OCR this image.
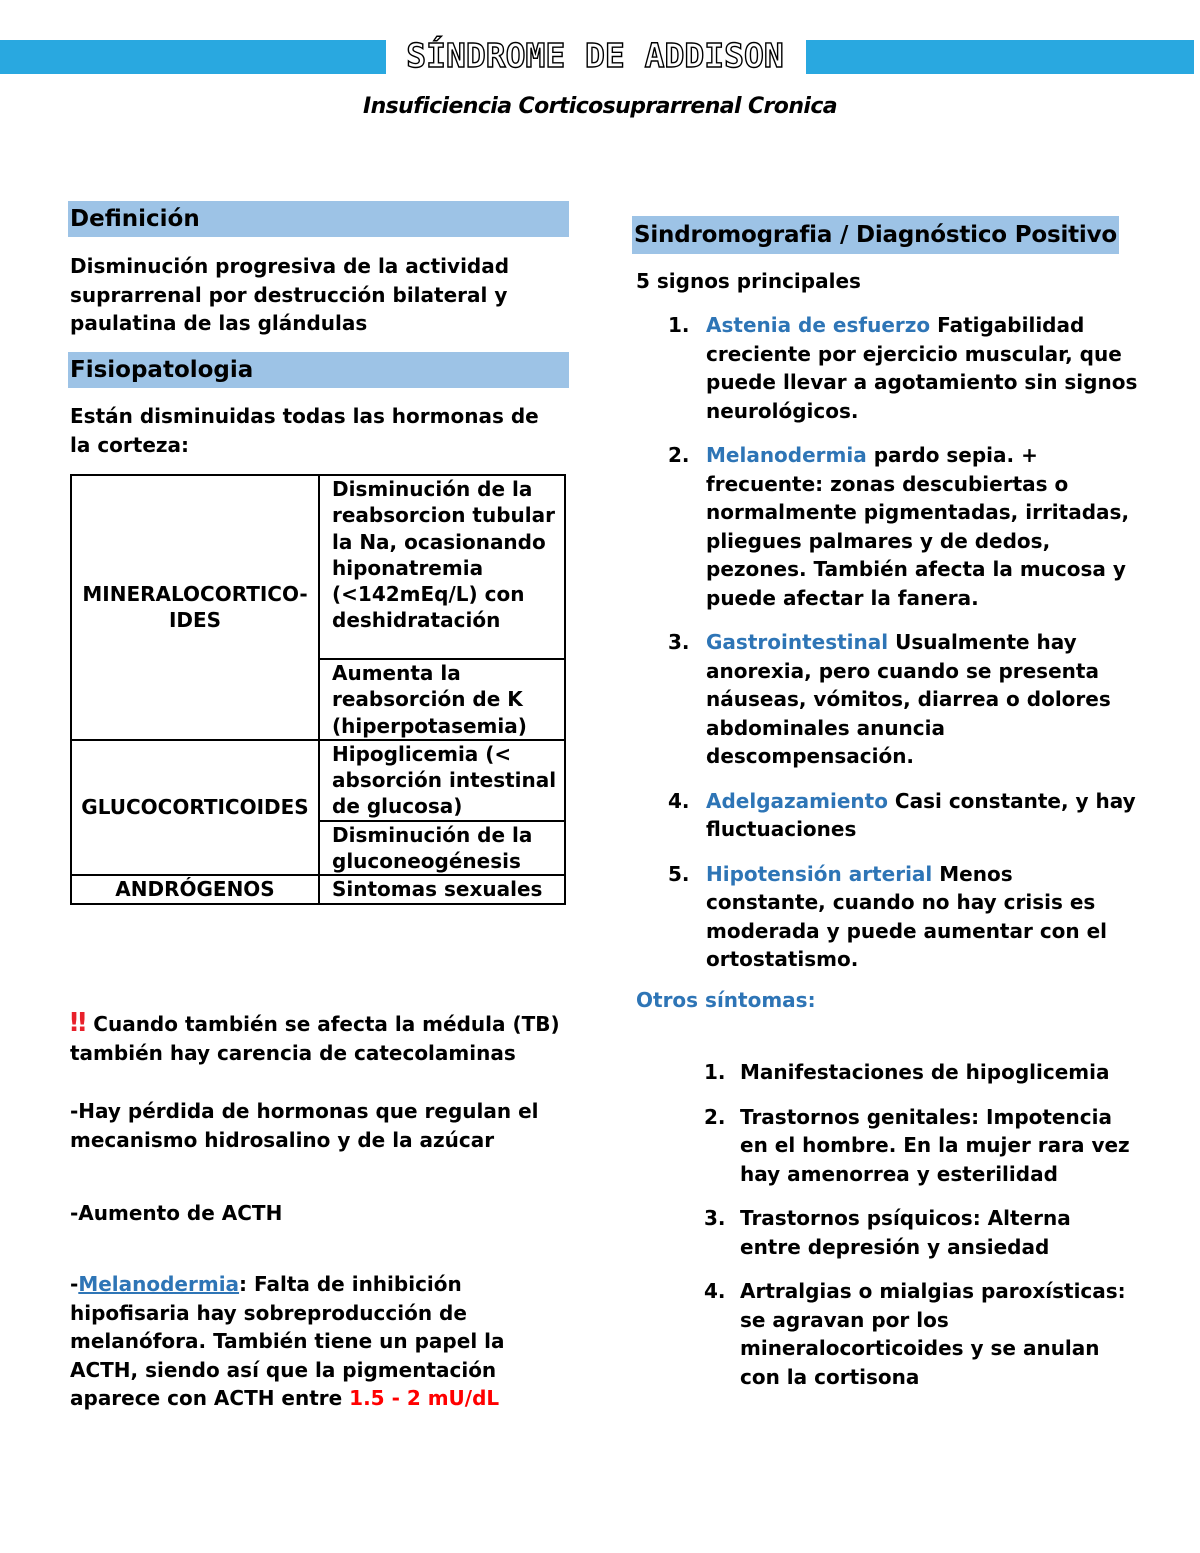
SÍNDROME DE ADDISON
Insuficiencia Corticosuprarrenal Cronica
Definición
Disminución progresiva de la actividad suprarrenal por destrucción bilateral y paulatina de las glándulas
Fisiopatologia
Están disminuidas todas las hormonas de la corteza:
MINERALOCORTICO-IDES	Disminución de la reabsorcion tubular la Na, ocasionando hiponatremia (<142mEq/L) con deshidratación
	Aumenta la reabsorción de K (hiperpotasemia)
GLUCOCORTICOIDES	Hipoglicemia (< absorción intestinal de glucosa)
	Disminución de la gluconeogénesis
ANDRÓGENOS	Sintomas sexuales
‼ Cuando también se afecta la médula (TB) también hay carencia de catecolaminas
-Hay pérdida de hormonas que regulan el mecanismo hidrosalino y de la azúcar
-Aumento de ACTH
-Melanodermia: Falta de inhibición hipofisaria hay sobreproducción de melanófora. También tiene un papel la ACTH, siendo así que la pigmentación aparece con ACTH entre 1.5 - 2 mU/dL
Sindromografia / Diagnóstico Positivo
5 signos principales
1. Astenia de esfuerzo Fatigabilidad creciente por ejercicio muscular, que puede llevar a agotamiento sin signos neurológicos.
2. Melanodermia pardo sepia. + frecuente: zonas descubiertas o normalmente pigmentadas, irritadas, pliegues palmares y de dedos, pezones. También afecta la mucosa y puede afectar la fanera.
3. Gastrointestinal Usualmente hay anorexia, pero cuando se presenta náuseas, vómitos, diarrea o dolores abdominales anuncia descompensación.
4. Adelgazamiento Casi constante, y hay fluctuaciones
5. Hipotensión arterial Menos constante, cuando no hay crisis es moderada y puede aumentar con el ortostatismo.
Otros síntomas:
1. Manifestaciones de hipoglicemia
2. Trastornos genitales: Impotencia en el hombre. En la mujer rara vez hay amenorrea y esterilidad
3. Trastornos psíquicos: Alterna entre depresión y ansiedad
4. Artralgias o mialgias paroxísticas: se agravan por los mineralocorticoides y se anulan con la cortisona
